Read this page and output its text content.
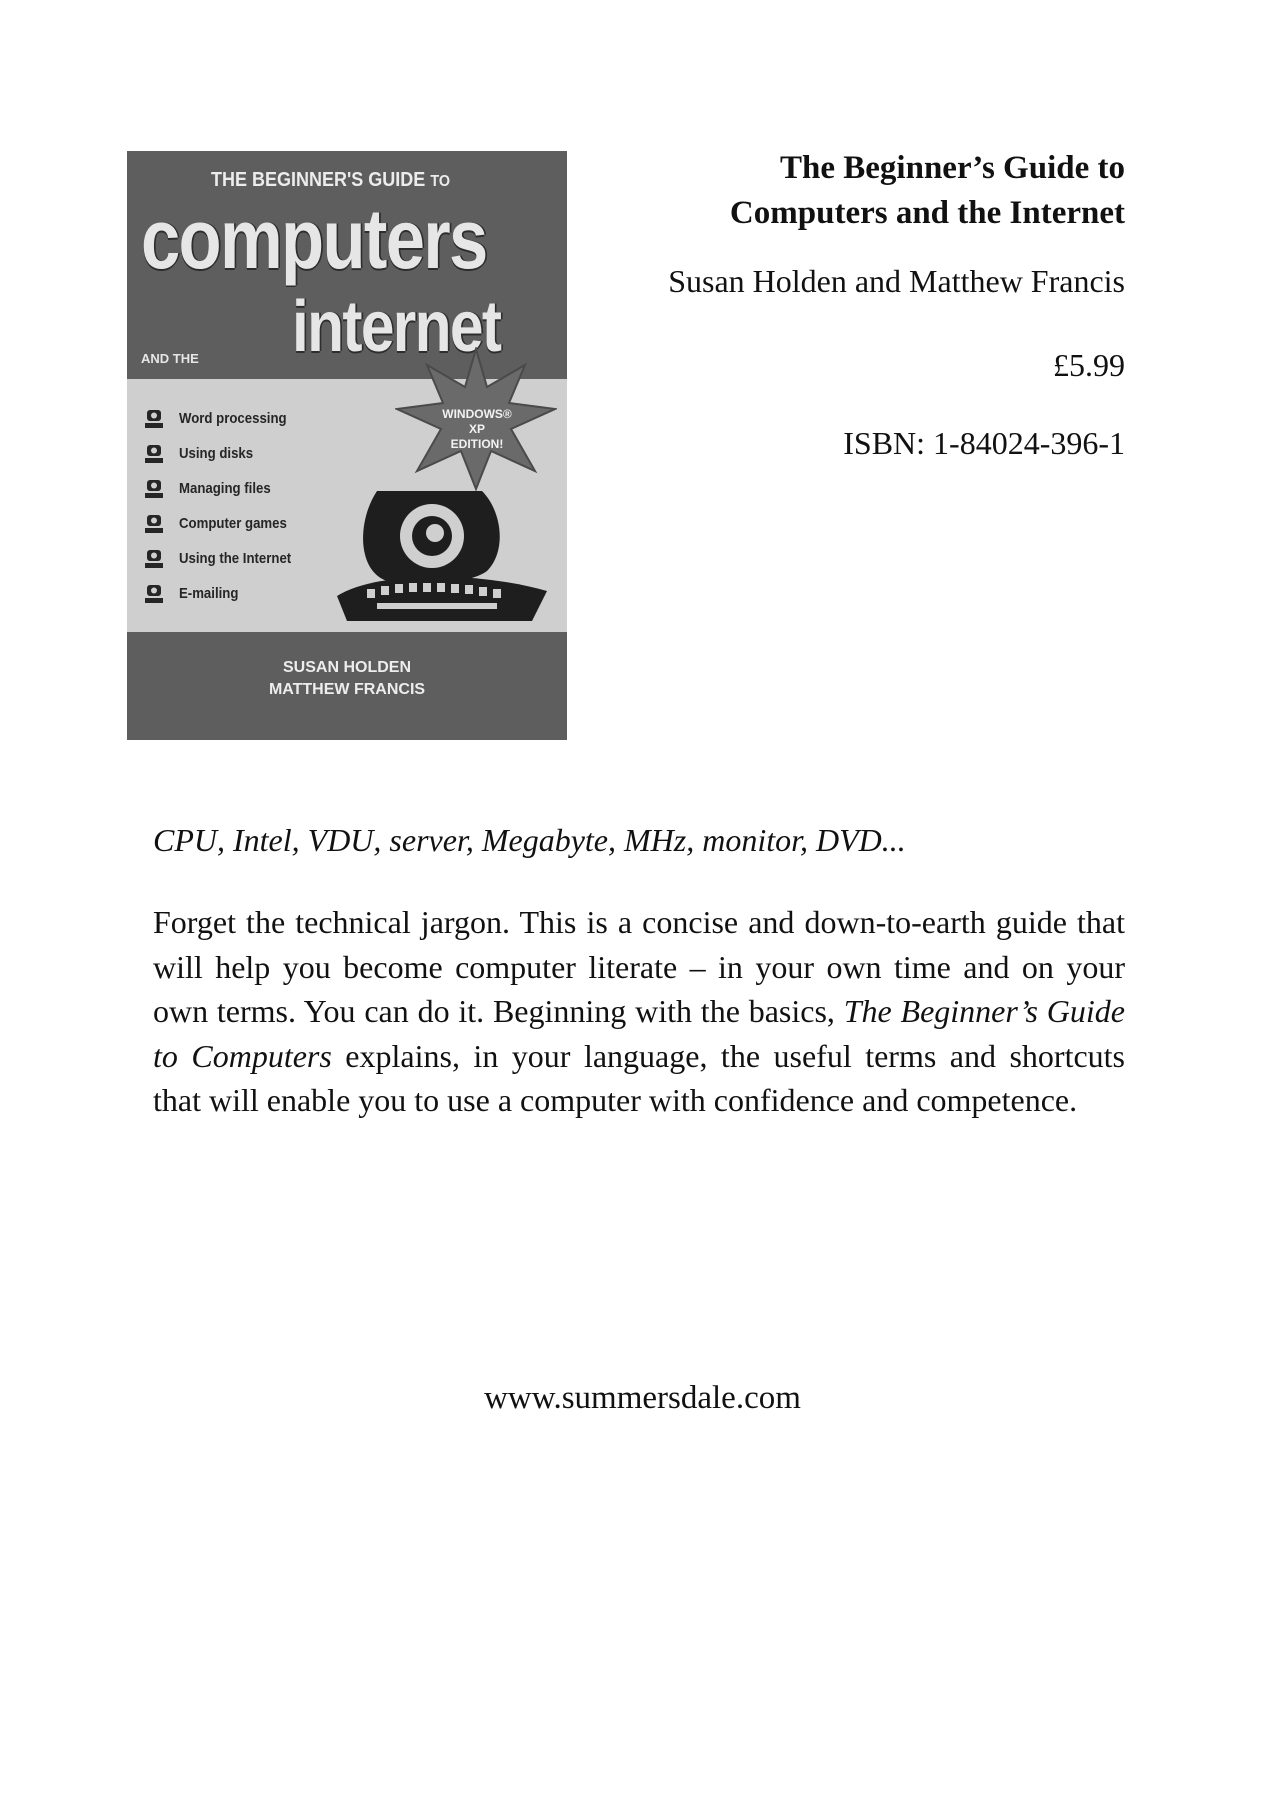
THE BEGINNER'S GUIDE TO
computers
AND THE internet
WINDOWS®
XP
EDITION!
Word processing
Using disks
Managing files
Computer games
Using the Internet
E-mailing
SUSAN HOLDEN
MATTHEW FRANCIS
The Beginner’s Guide to
Computers and the Internet
Susan Holden and Matthew Francis
£5.99
ISBN: 1-84024-396-1
CPU, Intel, VDU, server, Megabyte, MHz, monitor, DVD...

Forget the technical jargon. This is a concise and down-to-earth guide that will help you become computer literate – in your own time and on your own terms. You can do it. Beginning with the basics, The Beginner’s Guide to Computers explains, in your language, the useful terms and shortcuts that will enable you to use a computer with confidence and competence.

www.summersdale.com
